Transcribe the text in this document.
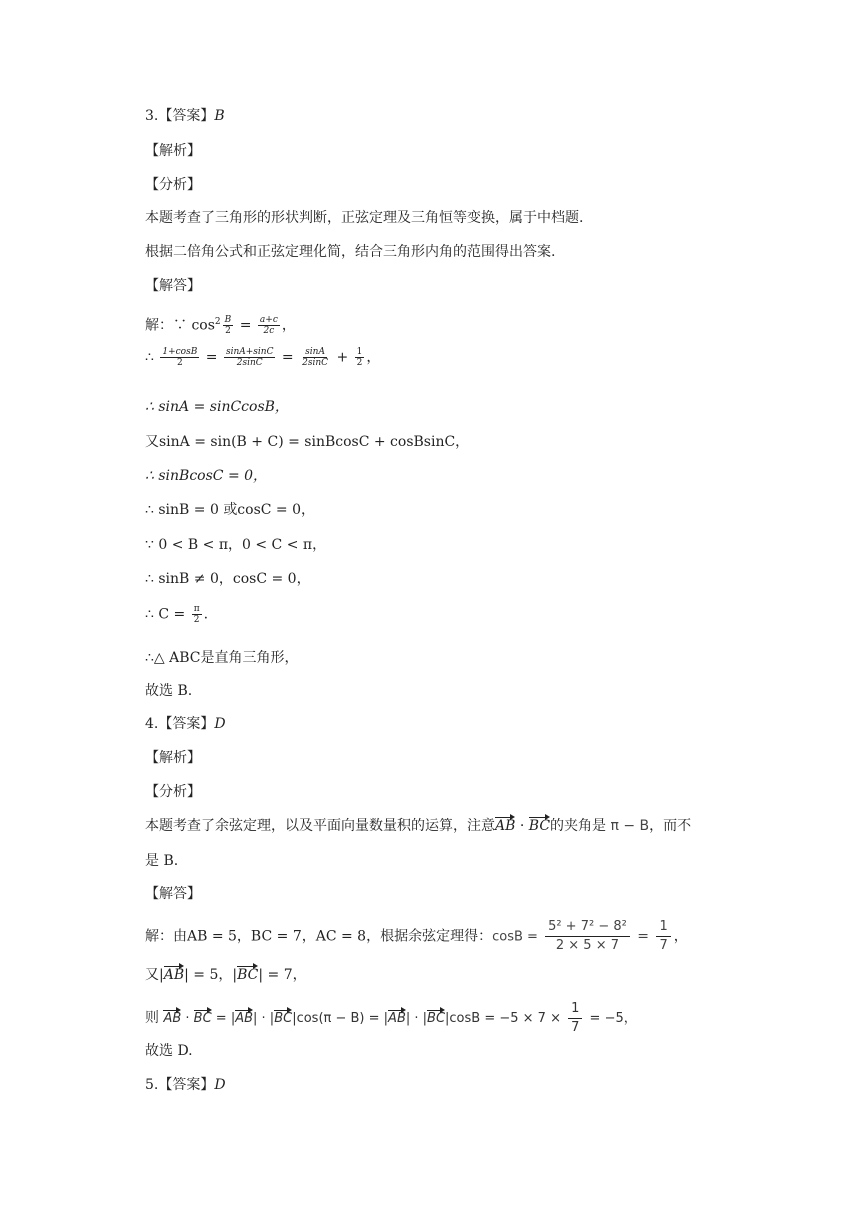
3.【答案】B
【解析】
【分析】
本题考查了三角形的形状判断，正弦定理及三角恒等变换，属于中档题.
根据二倍角公式和正弦定理化简，结合三角形内角的范围得出答案.
【解答】
解：∵ $\cos^2 \frac{B}{2} = \frac{a+c}{2c}$ ，
∴ $\frac{1+\cos B}{2} = \frac{\sin A+\sin C}{2\sin C} = \frac{\sin A}{2\sin C} + \frac{1}{2}$ ，
∴ sinA = sinCcosB，
又sinA = sin(B + C) = sinBcosC + cosBsinC，
∴ sinBcosC = 0，
∴ sinB = 0 或cosC = 0，
∵ 0 < B < π，0 < C < π，
∴ sinB ≠ 0，cosC = 0，
∴ $C = \frac{\pi}{2}$ .
∴△ ABC是直角三角形，
故选 B.
4.【答案】D
【解析】
【分析】
本题考查了余弦定理，以及平面向量数量积的运算，注意AB · BC的夹角是 π − B，而不
是 B.
【解答】
解：由AB = 5，BC = 7，AC = 8，根据余弦定理得：$\cos B = \frac{\text{5² + 7² − 8²}}{2 \times 5 \times 7} = \frac{1}{7}$ ，
又|AB| = 5，|BC| = 7，
则 AB · BC = $|AB| \cdot |BC|\cos(\pi - B) = |AB| \cdot |BC|\cos B = -5 \times 7 \times \frac{1}{7} = -5$，
故选 D.
5.【答案】D
